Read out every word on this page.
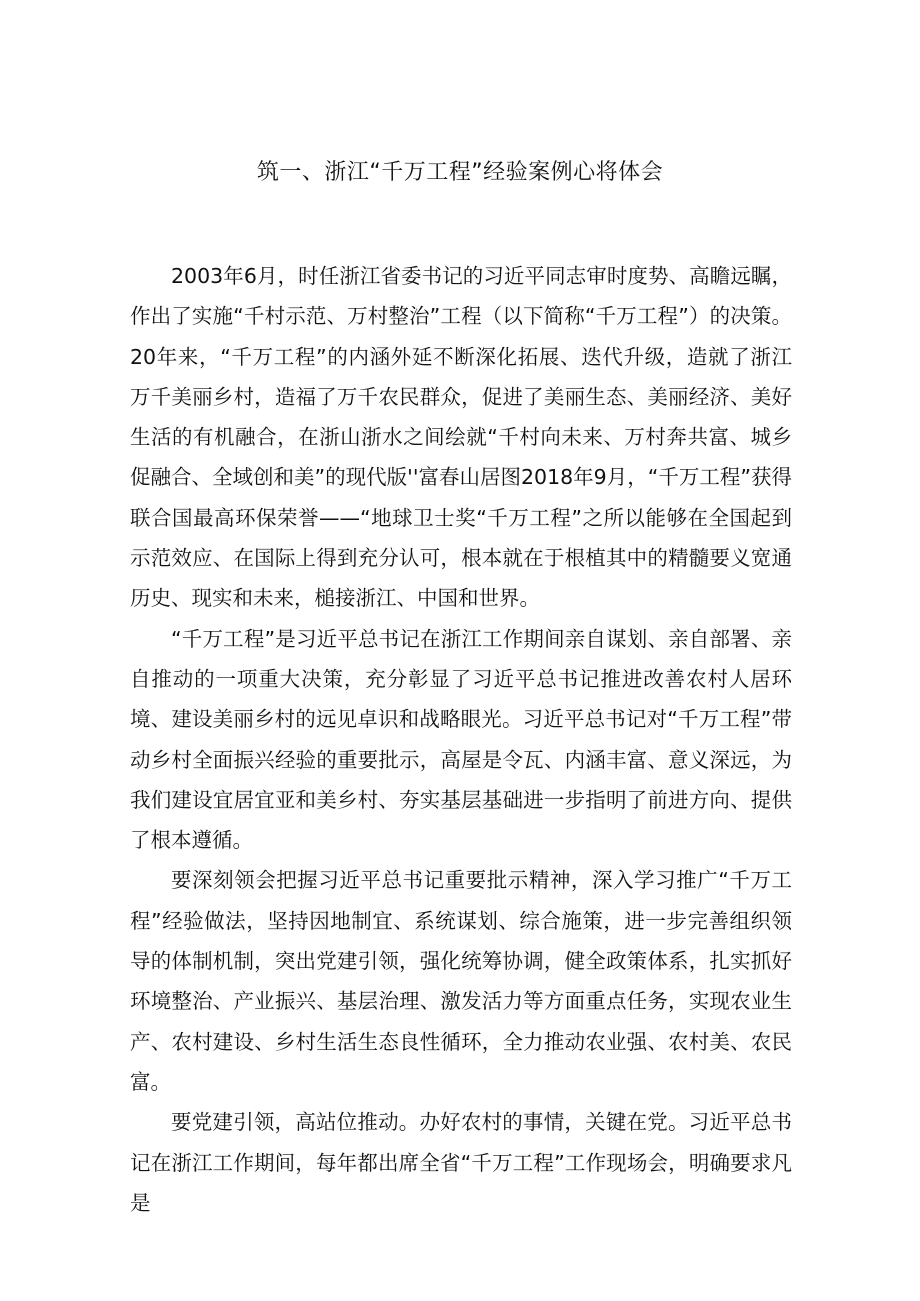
筑一、浙江“千万工程”经验案例心将体会

2003年6月，时任浙江省委书记的习近平同志审时度势、高瞻远瞩，作出了实施“千村示范、万村整治”工程（以下简称“千万工程”）的决策。20年来，“千万工程”的内涵外延不断深化拓展、迭代升级，造就了浙江万千美丽乡村，造福了万千农民群众，促进了美丽生态、美丽经济、美好生活的有机融合，在浙山浙水之间绘就“千村向未来、万村奔共富、城乡促融合、全域创和美”的现代版''富春山居图2018年9月，“千万工程”获得联合国最高环保荣誉——“地球卫士奖“千万工程”之所以能够在全国起到示范效应、在国际上得到充分认可，根本就在于根植其中的精髓要义宽通历史、现实和未来，槌接浙江、中国和世界。

“千万工程”是习近平总书记在浙江工作期间亲自谋划、亲自部署、亲自推动的一项重大决策，充分彰显了习近平总书记推进改善农村人居环境、建设美丽乡村的远见卓识和战略眼光。习近平总书记对“千万工程”带动乡村全面振兴经验的重要批示，高屋是令瓦、内涵丰富、意义深远，为我们建设宜居宜亚和美乡村、夯实基层基础进一步指明了前进方向、提供了根本遵循。

要深刻领会把握习近平总书记重要批示精神，深入学习推广“千万工程”经验做法，坚持因地制宜、系统谋划、综合施策，进一步完善组织领导的体制机制，突出党建引领，强化统筹协调，健全政策体系，扎实抓好环境整治、产业振兴、基层治理、激发活力等方面重点任务，实现农业生产、农村建设、乡村生活生态良性循环，全力推动农业强、农村美、农民富。

要党建引领，高站位推动。办好农村的事情，关键在党。习近平总书记在浙江工作期间，每年都出席全省“千万工程”工作现场会，明确要求凡是
